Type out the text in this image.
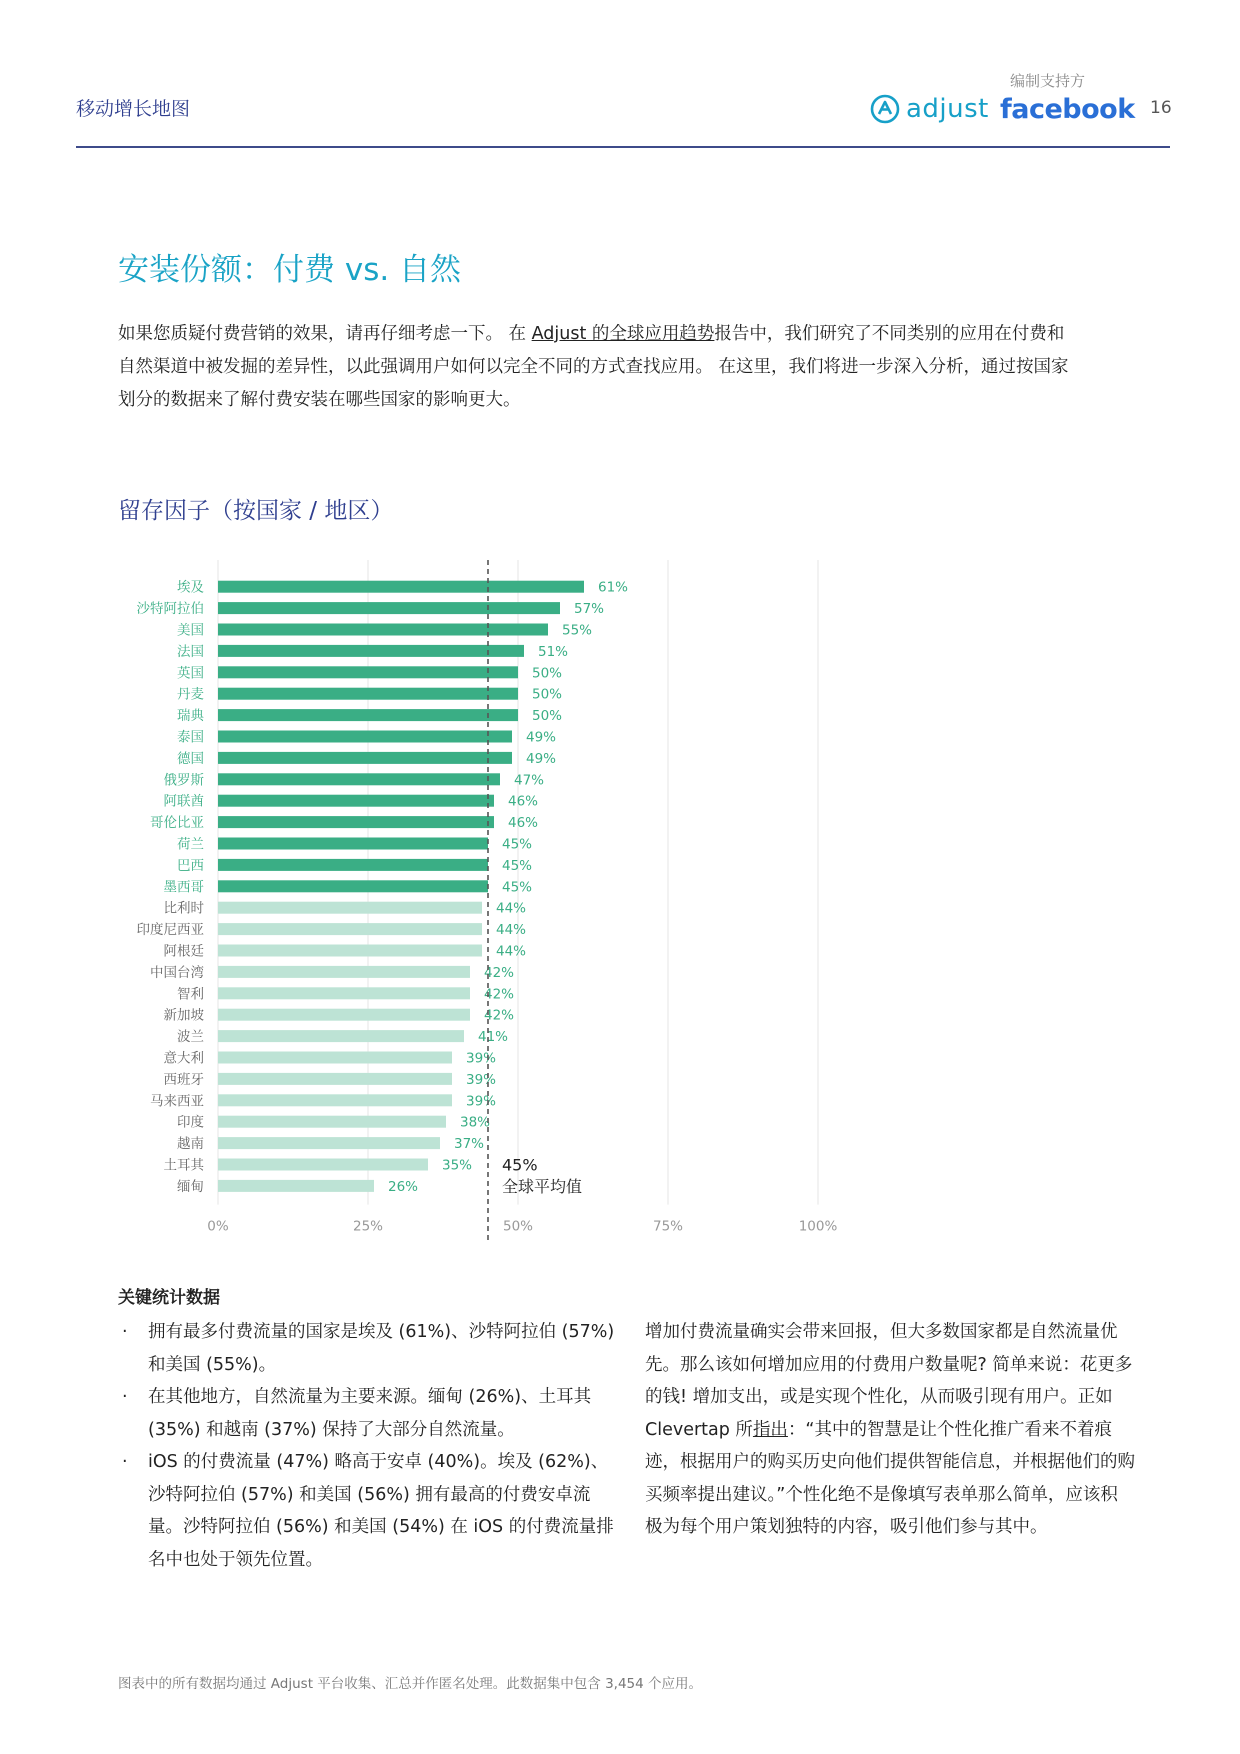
移动增长地图
编制支持方
adjust facebook 16
安装份额：付费 vs. 自然
如果您质疑付费营销的效果，请再仔细考虑一下。 在 Adjust 的全球应用趋势报告中，我们研究了不同类别的应用在付费和自然渠道中被发掘的差异性，以此强调用户如何以完全不同的方式查找应用。 在这里，我们将进一步深入分析，通过按国家划分的数据来了解付费安装在哪些国家的影响更大。
留存因子（按国家 / 地区）
0%	25%	50%	75%	100%
埃及	61%
沙特阿拉伯	57%
美国	55%
法国	51%
英国	50%
丹麦	50%
瑞典	50%
泰国	49%
德国	49%
俄罗斯	47%
阿联酋	46%
哥伦比亚	46%
荷兰	45%
巴西	45%
墨西哥	45%
比利时	44%
印度尼西亚	44%
阿根廷	44%
中国台湾	42%
智利	42%
新加坡	42%
波兰	41%
意大利	39%
西班牙	39%
马来西亚	39%
印度	38%
越南	37%
土耳其	35%
缅甸	26%
45%
全球平均值
关键统计数据
· 拥有最多付费流量的国家是埃及 (61%)、沙特阿拉伯 (57%) 和美国 (55%)。
· 在其他地方，自然流量为主要来源。缅甸 (26%)、土耳其 (35%) 和越南 (37%) 保持了大部分自然流量。
· iOS 的付费流量 (47%) 略高于安卓 (40%)。埃及 (62%)、沙特阿拉伯 (57%) 和美国 (56%) 拥有最高的付费安卓流量。沙特阿拉伯 (56%) 和美国 (54%) 在 iOS 的付费流量排名中也处于领先位置。
增加付费流量确实会带来回报，但大多数国家都是自然流量优先。那么该如何增加应用的付费用户数量呢? 简单来说：花更多的钱! 增加支出，或是实现个性化，从而吸引现有用户。正如 Clevertap 所指出：“其中的智慧是让个性化推广看来不着痕迹，根据用户的购买历史向他们提供智能信息，并根据他们的购买频率提出建议。”个性化绝不是像填写表单那么简单，应该积极为每个用户策划独特的内容，吸引他们参与其中。
图表中的所有数据均通过 Adjust 平台收集、汇总并作匿名处理。此数据集中包含 3,454 个应用。
